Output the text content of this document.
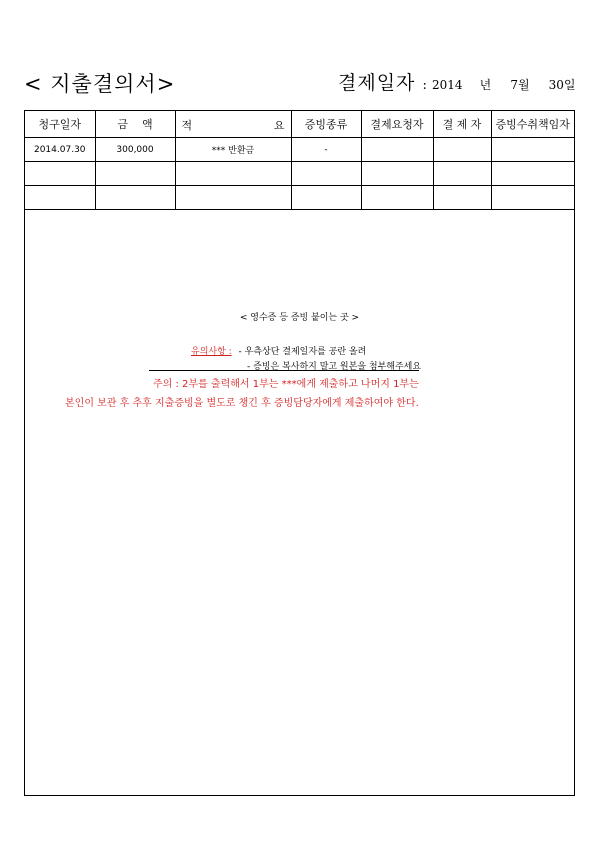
< 지출결의서>	결제일자 : 2014 년 7월 30일
청구일자	금    액	적 요	증빙종류	결제요청자	결 제 자	증빙수취책임자
2014.07.30	300,000	*** 반환금	-			

< 영수증 등 증빙 붙이는 곳 >
유의사항 : - 우측상단 결제일자를 공란 올려
- 증빙은 복사하지 말고 원본을 첨부해주세요
주의 : 2부를 출력해서 1부는 ***에게 제출하고 나머지 1부는
본인이 보관 후 추후 지출증빙을 별도로 챙긴 후 증빙담당자에게 제출하여야 한다.
